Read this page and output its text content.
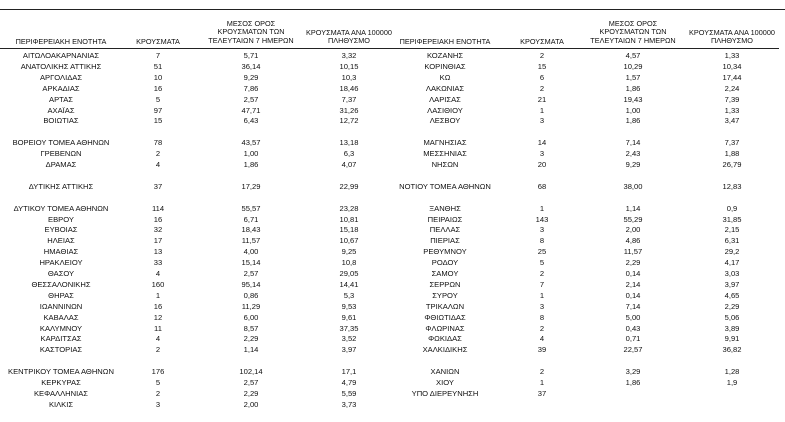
ΠΕΡΙΦΕΡΕΙΑΚΗ ΕΝΟΤΗΤΑ	ΚΡΟΥΣΜΑΤΑ
ΜΕΣΟΣ ΟΡΟΣ ΚΡΟΥΣΜΑΤΩΝ ΤΩΝ ΤΕΛΕΥΤΑΙΩΝ 7 ΗΜΕΡΩΝ
ΚΡΟΥΣΜΑΤΑ ΑΝΑ 100000 ΠΛΗΘΥΣΜΟ	ΠΕΡΙΦΕΡΕΙΑΚΗ ΕΝΟΤΗΤΑ	ΚΡΟΥΣΜΑΤΑ
ΜΕΣΟΣ ΟΡΟΣ ΚΡΟΥΣΜΑΤΩΝ ΤΩΝ ΤΕΛΕΥΤΑΙΩΝ 7 ΗΜΕΡΩΝ
ΚΡΟΥΣΜΑΤΑ ΑΝΑ 100000 ΠΛΗΘΥΣΜΟ
ΑΙΤΩΛΟΑΚΑΡΝΑΝΙΑΣ	7	5,71	3,32
ΑΝΑΤΟΛΙΚΗΣ ΑΤΤΙΚΗΣ	51	36,14	10,15
ΑΡΓΟΛΙΔΑΣ	10	9,29	10,3
ΑΡΚΑΔΙΑΣ	16	7,86	18,46
ΑΡΤΑΣ	5	2,57	7,37
ΑΧΑΪΑΣ	97	47,71	31,26
ΒΟΙΩΤΙΑΣ	15	6,43	12,72
ΒΟΡΕΙΟΥ ΤΟΜΕΑ ΑΘΗΝΩΝ	78	43,57	13,18
ΓΡΕΒΕΝΩΝ	2	1,00	6,3
ΔΡΑΜΑΣ	4	1,86	4,07
ΔΥΤΙΚΗΣ ΑΤΤΙΚΗΣ	37	17,29	22,99
ΔΥΤΙΚΟΥ ΤΟΜΕΑ ΑΘΗΝΩΝ	114	55,57	23,28
ΕΒΡΟΥ	16	6,71	10,81
ΕΥΒΟΙΑΣ	32	18,43	15,18
ΗΛΕΙΑΣ	17	11,57	10,67
ΗΜΑΘΙΑΣ	13	4,00	9,25
ΗΡΑΚΛΕΙΟΥ	33	15,14	10,8
ΘΑΣΟΥ	4	2,57	29,05
ΘΕΣΣΑΛΟΝΙΚΗΣ	160	95,14	14,41
ΘΗΡΑΣ	1	0,86	5,3
ΙΩΑΝΝΙΝΩΝ	16	11,29	9,53
ΚΑΒΑΛΑΣ	12	6,00	9,61
ΚΑΛΥΜΝΟΥ	11	8,57	37,35
ΚΑΡΔΙΤΣΑΣ	4	2,29	3,52
ΚΑΣΤΟΡΙΑΣ	2	1,14	3,97
ΚΕΝΤΡΙΚΟΥ ΤΟΜΕΑ ΑΘΗΝΩΝ	176	102,14	17,1
ΚΕΡΚΥΡΑΣ	5	2,57	4,79
ΚΕΦΑΛΛΗΝΙΑΣ	2	2,29	5,59
ΚΙΛΚΙΣ	3	2,00	3,73
ΚΟΖΑΝΗΣ	2	4,57	1,33
ΚΟΡΙΝΘΙΑΣ	15	10,29	10,34
ΚΩ	6	1,57	17,44
ΛΑΚΩΝΙΑΣ	2	1,86	2,24
ΛΑΡΙΣΑΣ	21	19,43	7,39
ΛΑΣΙΘΙΟΥ	1	1,00	1,33
ΛΕΣΒΟΥ	3	1,86	3,47
ΜΑΓΝΗΣΙΑΣ	14	7,14	7,37
ΜΕΣΣΗΝΙΑΣ	3	2,43	1,88
ΝΗΣΩΝ	20	9,29	26,79
ΝΟΤΙΟΥ ΤΟΜΕΑ ΑΘΗΝΩΝ	68	38,00	12,83
ΞΑΝΘΗΣ	1	1,14	0,9
ΠΕΙΡΑΙΩΣ	143	55,29	31,85
ΠΕΛΛΑΣ	3	2,00	2,15
ΠΙΕΡΙΑΣ	8	4,86	6,31
ΡΕΘΥΜΝΟΥ	25	11,57	29,2
ΡΟΔΟΥ	5	2,29	4,17
ΣΑΜΟΥ	2	0,14	3,03
ΣΕΡΡΩΝ	7	2,14	3,97
ΣΥΡΟΥ	1	0,14	4,65
ΤΡΙΚΑΛΩΝ	3	7,14	2,29
ΦΘΙΩΤΙΔΑΣ	8	5,00	5,06
ΦΛΩΡΙΝΑΣ	2	0,43	3,89
ΦΩΚΙΔΑΣ	4	0,71	9,91
ΧΑΛΚΙΔΙΚΗΣ	39	22,57	36,82
ΧΑΝΙΩΝ	2	3,29	1,28
ΧΙΟΥ	1	1,86	1,9
ΥΠΟ ΔΙΕΡΕΥΝΗΣΗ	37
